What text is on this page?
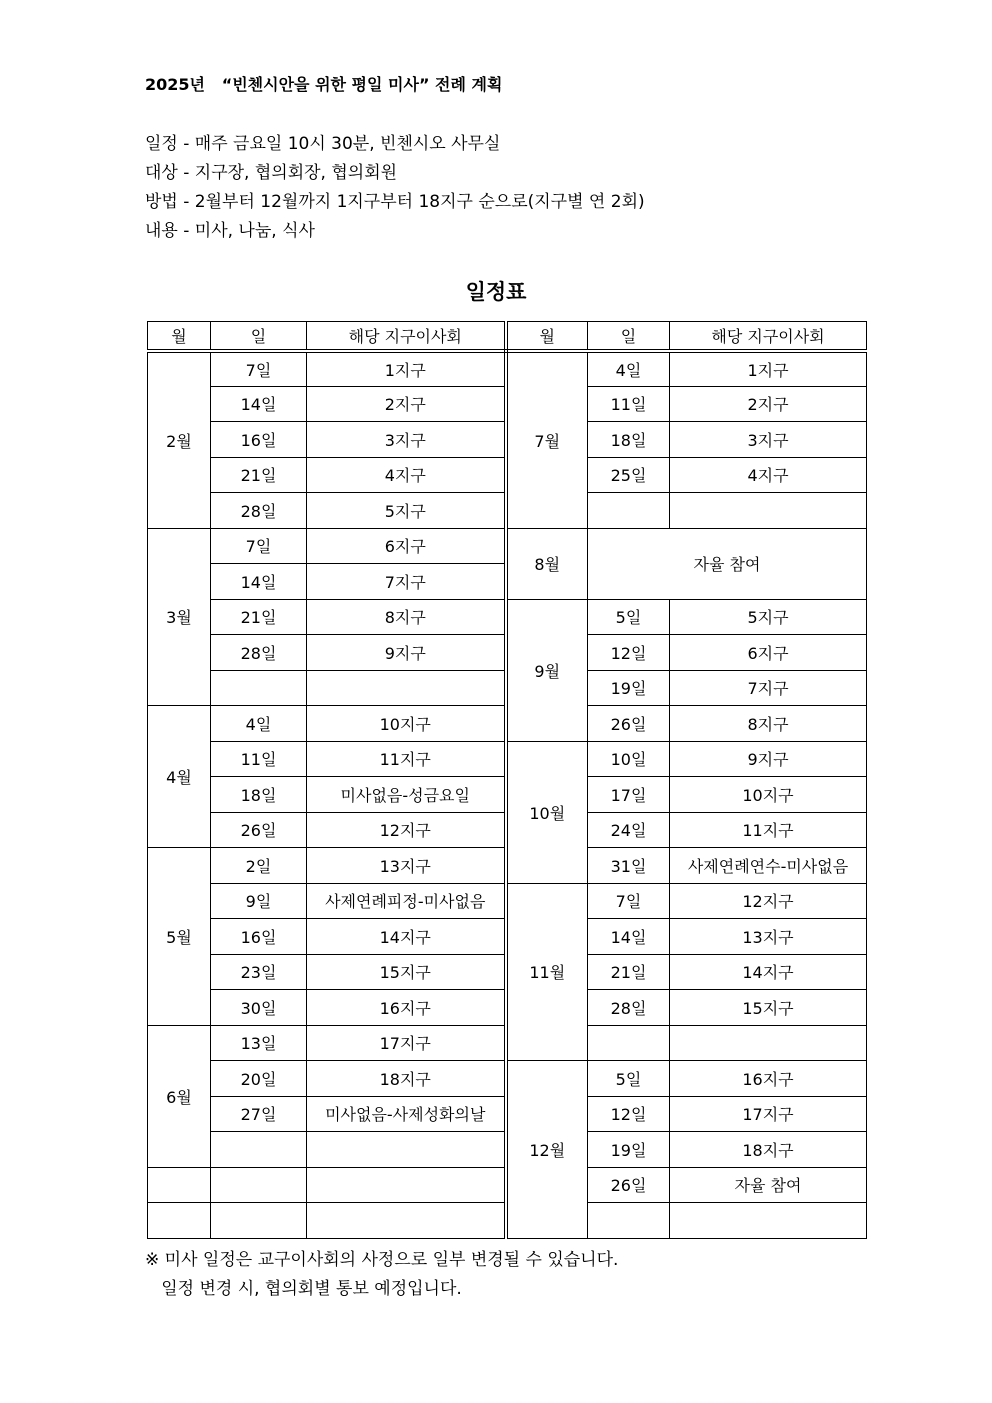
2025년   “빈첸시안을 위한 평일 미사” 전례 계획
일정 - 매주 금요일 10시 30분, 빈첸시오 사무실
대상 - 지구장, 협의회장, 협의회원
방법 - 2월부터 12월까지 1지구부터 18지구 순으로(지구별 연 2회)
내용 - 미사, 나눔, 식사
일정표
월	일	해당 지구이사회	월	일	해당 지구이사회
2월	7일	1지구	7월	4일	1지구
	14일	2지구		11일	2지구
	16일	3지구		18일	3지구
	21일	4지구		25일	4지구
	28일	5지구			
3월	7일	6지구	8월	자율 참여	
	14일	7지구			
	21일	8지구	9월	5일	5지구
	28일	9지구		12일	6지구
				19일	7지구
4월	4일	10지구		26일	8지구
	11일	11지구	10월	10일	9지구
	18일	미사없음-성금요일		17일	10지구
	26일	12지구		24일	11지구
5월	2일	13지구		31일	사제연례연수-미사없음
	9일	사제연례피정-미사없음	11월	7일	12지구
	16일	14지구		14일	13지구
	23일	15지구		21일	14지구
	30일	16지구		28일	15지구
6월	13일	17지구			
	20일	18지구	12월	5일	16지구
	27일	미사없음-사제성화의날		12일	17지구
				19일	18지구
				26일	자율 참여

※ 미사 일정은 교구이사회의 사정으로 일부 변경될 수 있습니다.
일정 변경 시, 협의회별 통보 예정입니다.
